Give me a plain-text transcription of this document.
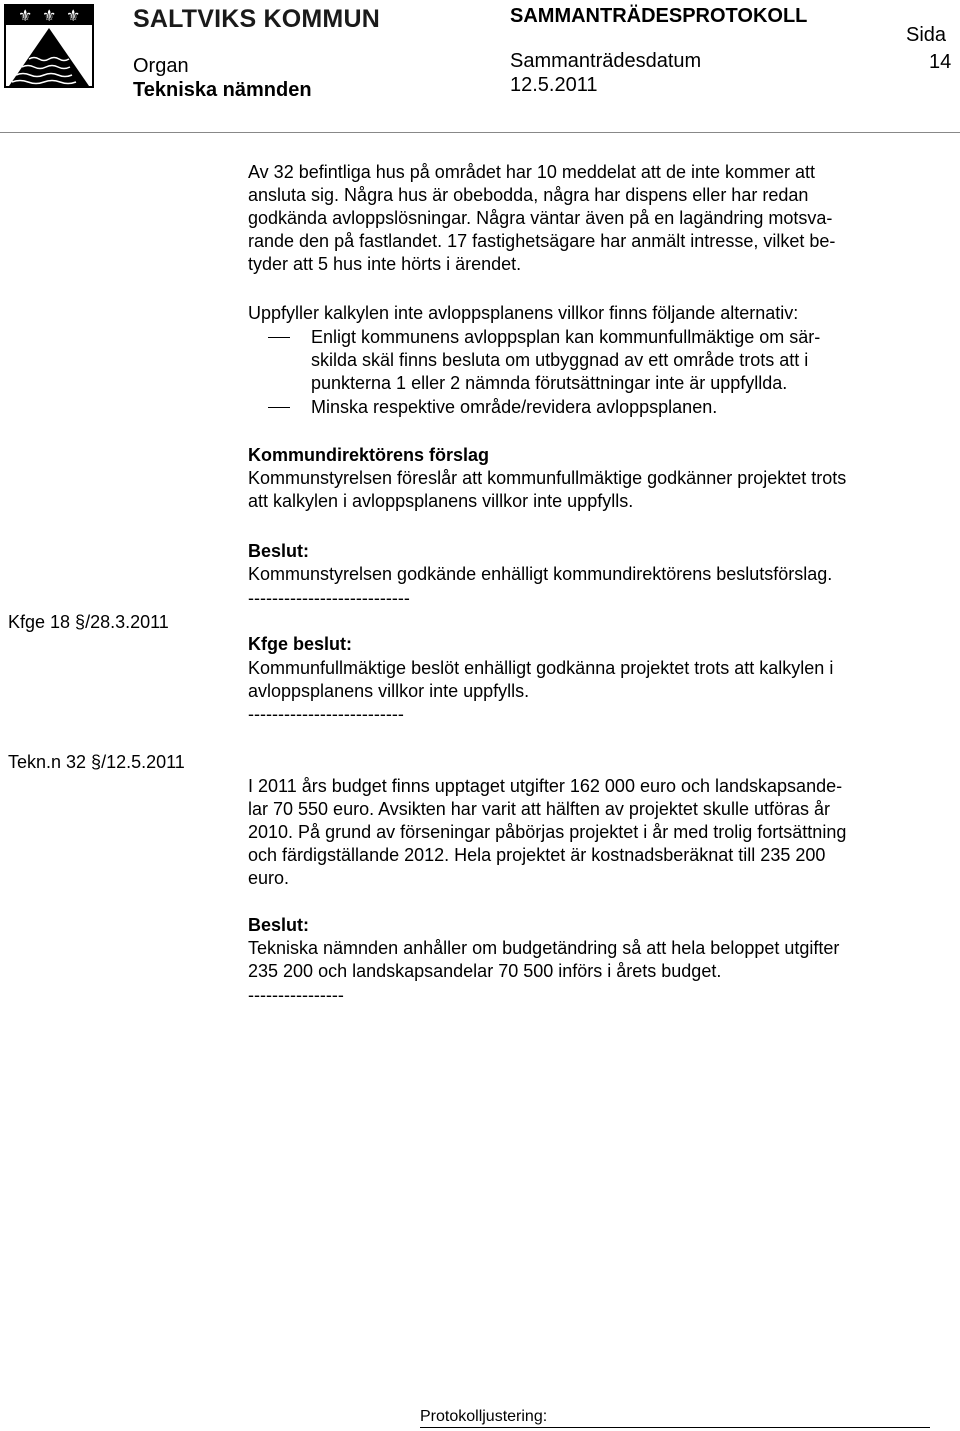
⚜ ⚜ ⚜ SALTVIKS KOMMUN	SAMMANTRÄDESPROTOKOLL
Sida
14
Organ
Tekniska nämnden
Sammanträdesdatum
12.5.2011

Av 32 befintliga hus på området har 10 meddelat att de inte kommer att

ansluta sig. Några hus är obebodda, några har dispens eller har redan

godkända avloppslösningar. Några väntar även på en lagändring motsva-

rande den på fastlandet. 17 fastighetsägare har anmält intresse, vilket be-

tyder att 5 hus inte hörts i ärendet.

Uppfyller kalkylen inte avloppsplanens villkor finns följande alternativ:

Enligt kommunens avloppsplan kan kommunfullmäktige om sär-

skilda skäl finns besluta om utbyggnad av ett område trots att i

punkterna 1 eller 2 nämnda förutsättningar inte är uppfyllda.

Minska respektive område/revidera avloppsplanen.
Kommundirektörens förslag

Kommunstyrelsen föreslår att kommunfullmäktige godkänner projektet trots

att kalkylen i avloppsplanens villkor inte uppfylls.

Beslut:
Kommunstyrelsen godkände enhälligt kommundirektörens beslutsförslag.
---------------------------
Kfge 18 §/28.3.2011
Kfge beslut:

Kommunfullmäktige beslöt enhälligt godkänna projektet trots att kalkylen i

avloppsplanens villkor inte uppfylls.

--------------------------
Tekn.n 32 §/12.5.2011

I 2011 års budget finns upptaget utgifter 162 000 euro och landskapsande-

lar 70 550 euro. Avsikten har varit att hälften av projektet skulle utföras år

2010. På grund av förseningar påbörjas projektet i år med trolig fortsättning

och färdigställande 2012. Hela projektet är kostnadsberäknat till 235 200

euro.

Beslut:

Tekniska nämnden anhåller om budgetändring så att hela beloppet utgifter

235 200 och landskapsandelar 70 500 införs i årets budget.

----------------
Protokolljustering:
